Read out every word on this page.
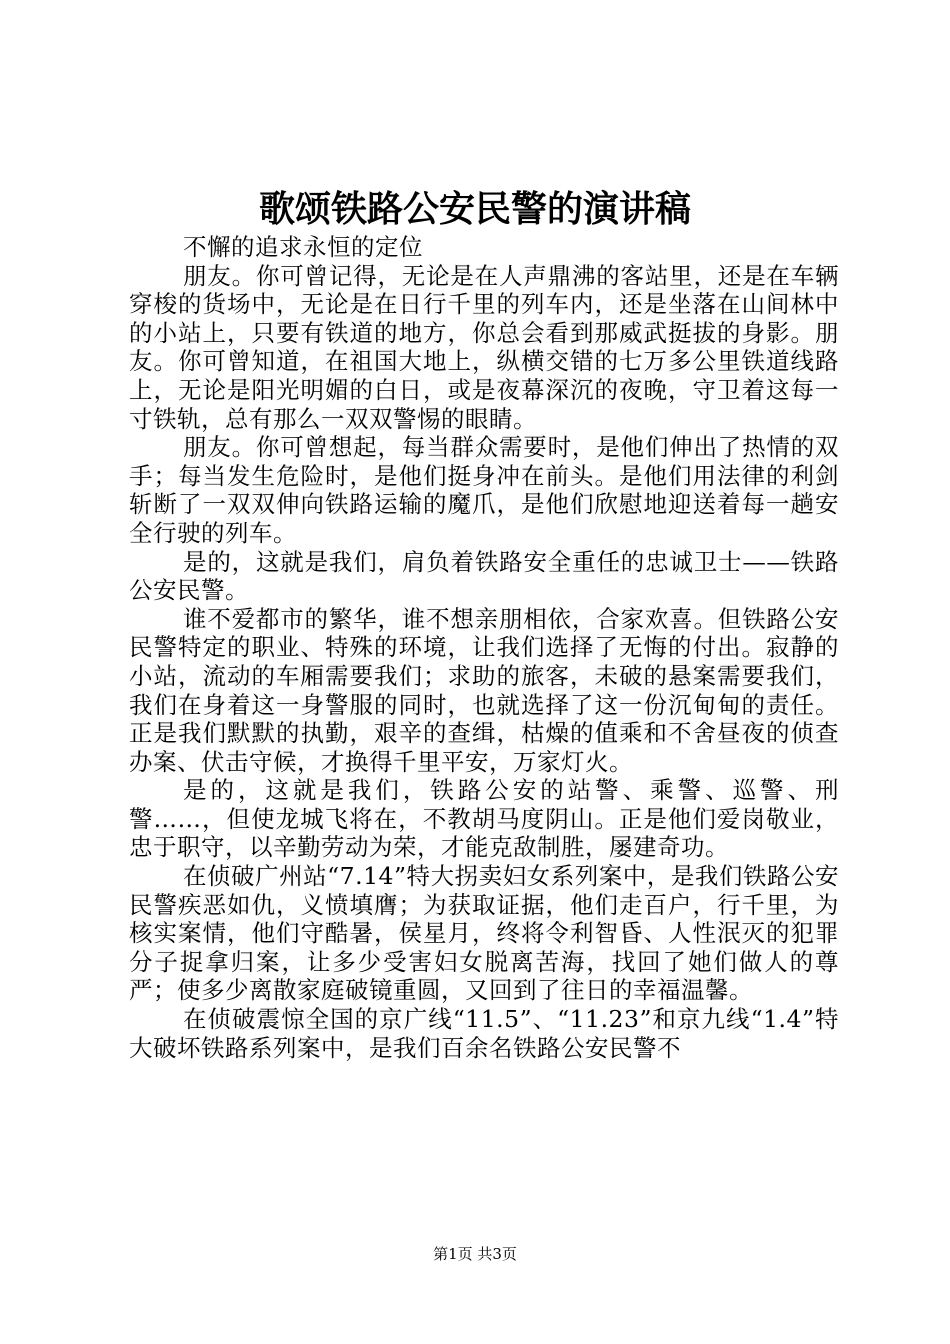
歌颂铁路公安民警的演讲稿

不懈的追求永恒的定位

朋友。你可曾记得，无论是在人声鼎沸的客站里，还是在车辆穿梭的货场中，无论是在日行千里的列车内，还是坐落在山间林中的小站上，只要有铁道的地方，你总会看到那威武挺拔的身影。朋友。你可曾知道，在祖国大地上，纵横交错的七万多公里铁道线路上，无论是阳光明媚的白日，或是夜幕深沉的夜晚，守卫着这每一寸铁轨，总有那么一双双警惕的眼睛。

朋友。你可曾想起，每当群众需要时，是他们伸出了热情的双手；每当发生危险时，是他们挺身冲在前头。是他们用法律的利剑斩断了一双双伸向铁路运输的魔爪，是他们欣慰地迎送着每一趟安全行驶的列车。

是的，这就是我们，肩负着铁路安全重任的忠诚卫士——铁路公安民警。

谁不爱都市的繁华，谁不想亲朋相依，合家欢喜。但铁路公安民警特定的职业、特殊的环境，让我们选择了无悔的付出。寂静的小站，流动的车厢需要我们；求助的旅客，未破的悬案需要我们，我们在身着这一身警服的同时，也就选择了这一份沉甸甸的责任。正是我们默默的执勤，艰辛的查缉，枯燥的值乘和不舍昼夜的侦查办案、伏击守候，才换得千里平安，万家灯火。

是的，这就是我们，铁路公安的站警、乘警、巡警、刑警……，但使龙城飞将在，不教胡马度阴山。正是他们爱岗敬业，忠于职守，以辛勤劳动为荣，才能克敌制胜，屡建奇功。

在侦破广州站“7.14”特大拐卖妇女系列案中，是我们铁路公安民警疾恶如仇，义愤填膺；为获取证据，他们走百户，行千里，为核实案情，他们守酷暑，侯星月，终将令利智昏、人性泯灭的犯罪分子捉拿归案，让多少受害妇女脱离苦海，找回了她们做人的尊严；使多少离散家庭破镜重圆，又回到了往日的幸福温馨。

在侦破震惊全国的京广线“11.5”、“11.23”和京九线“1.4”特大破坏铁路系列案中，是我们百余名铁路公安民警不

第1页 共3页
